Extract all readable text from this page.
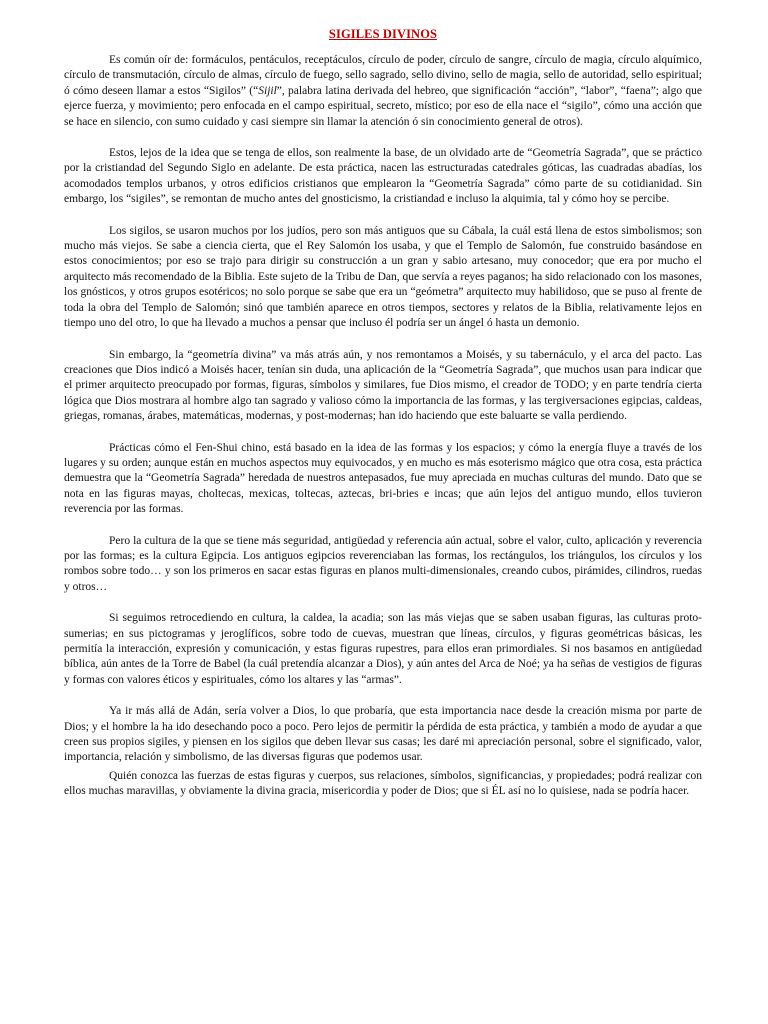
SIGILES DIVINOS

Es común oír de: formáculos, pentáculos, receptáculos, círculo de poder, círculo de sangre, círculo de magia, círculo alquímico, círculo de transmutación, círculo de almas, círculo de fuego, sello sagrado, sello divino, sello de magia, sello de autoridad, sello espiritual; ó cómo deseen llamar a estos “Sigilos” (“Sijil”, palabra latina derivada del hebreo, que significación “acción”, “labor”, “faena”; algo que ejerce fuerza, y movimiento; pero enfocada en el campo espiritual, secreto, místico; por eso de ella nace el “sigilo”, cómo una acción que se hace en silencio, con sumo cuidado y casi siempre sin llamar la atención ó sin conocimiento general de otros).

Estos, lejos de la idea que se tenga de ellos, son realmente la base, de un olvidado arte de “Geometría Sagrada”, que se práctico por la cristiandad del Segundo Siglo en adelante. De esta práctica, nacen las estructuradas catedrales góticas, las cuadradas abadías, los acomodados templos urbanos, y otros edificios cristianos que emplearon la “Geometría Sagrada” cómo parte de su cotidianidad. Sin embargo, los “sigiles”, se remontan de mucho antes del gnosticismo, la cristiandad e incluso la alquimia, tal y cómo hoy se percibe.

Los sigilos, se usaron muchos por los judíos, pero son más antiguos que su Cábala, la cuál está llena de estos simbolismos; son mucho más viejos. Se sabe a ciencia cierta, que el Rey Salomón los usaba, y que el Templo de Salomón, fue construido basándose en estos conocimientos; por eso se trajo para dirigir su construcción a un gran y sabio artesano, muy conocedor; que era por mucho el arquitecto más recomendado de la Biblia. Este sujeto de la Tribu de Dan, que servía a reyes paganos; ha sido relacionado con los masones, los gnósticos, y otros grupos esotéricos; no solo porque se sabe que era un “geómetra” arquitecto muy habilidoso, que se puso al frente de toda la obra del Templo de Salomón; sinó que también aparece en otros tiempos, sectores y relatos de la Biblia, relativamente lejos en tiempo uno del otro, lo que ha llevado a muchos a pensar que incluso él podría ser un ángel ó hasta un demonio.

Sin embargo, la “geometría divina” va más atrás aún, y nos remontamos a Moisés, y su tabernáculo, y el arca del pacto. Las creaciones que Dios indicó a Moisés hacer, tenían sin duda, una aplicación de la “Geometría Sagrada”, que muchos usan para indicar que el primer arquitecto preocupado por formas, figuras, símbolos y similares, fue Dios mismo, el creador de TODO; y en parte tendría cierta lógica que Dios mostrara al hombre algo tan sagrado y valioso cómo la importancia de las formas, y las tergiversaciones egipcias, caldeas, griegas, romanas, árabes, matemáticas, modernas, y post-modernas; han ido haciendo que este baluarte se valla perdiendo.

Prácticas cómo el Fen-Shui chino, está basado en la idea de las formas y los espacios; y cómo la energía fluye a través de los lugares y su orden; aunque están en muchos aspectos muy equivocados, y en mucho es más esoterismo mágico que otra cosa, esta práctica demuestra que la “Geometría Sagrada” heredada de nuestros antepasados, fue muy apreciada en muchas culturas del mundo. Dato que se nota en las figuras mayas, choltecas, mexicas, toltecas, aztecas, bri-bries e incas; que aún lejos del antiguo mundo, ellos tuvieron reverencia por las formas.

Pero la cultura de la que se tiene más seguridad, antigüedad y referencia aún actual, sobre el valor, culto, aplicación y reverencia por las formas; es la cultura Egipcia. Los antiguos egipcios reverenciaban las formas, los rectángulos, los triángulos, los círculos y los rombos sobre todo… y son los primeros en sacar estas figuras en planos multi-dimensionales, creando cubos, pirámides, cilindros, ruedas y otros…

Si seguimos retrocediendo en cultura, la caldea, la acadia; son las más viejas que se saben usaban figuras, las culturas proto-sumerias; en sus pictogramas y jeroglíficos, sobre todo de cuevas, muestran que líneas, círculos, y figuras geométricas básicas, les permitía la interacción, expresión y comunicación, y estas figuras rupestres, para ellos eran primordiales. Si nos basamos en antigüedad bíblica, aún antes de la Torre de Babel (la cuál pretendía alcanzar a Dios), y aún antes del Arca de Noé; ya ha señas de vestigios de figuras y formas con valores éticos y espirituales, cómo los altares y las “armas”.

Ya ir más allá de Adán, sería volver a Dios, lo que probaría, que esta importancia nace desde la creación misma por parte de Dios; y el hombre la ha ido desechando poco a poco. Pero lejos de permitir la pérdida de esta práctica, y también a modo de ayudar a que creen sus propios sigiles, y piensen en los sigilos que deben llevar sus casas; les daré mi apreciación personal, sobre el significado, valor, importancia, relación y simbolismo, de las diversas figuras que podemos usar.

Quién conozca las fuerzas de estas figuras y cuerpos, sus relaciones, símbolos, significancias, y propiedades; podrá realizar con ellos muchas maravillas, y obviamente la divina gracia, misericordia y poder de Dios; que si ÉL así no lo quisiese, nada se podría hacer.
